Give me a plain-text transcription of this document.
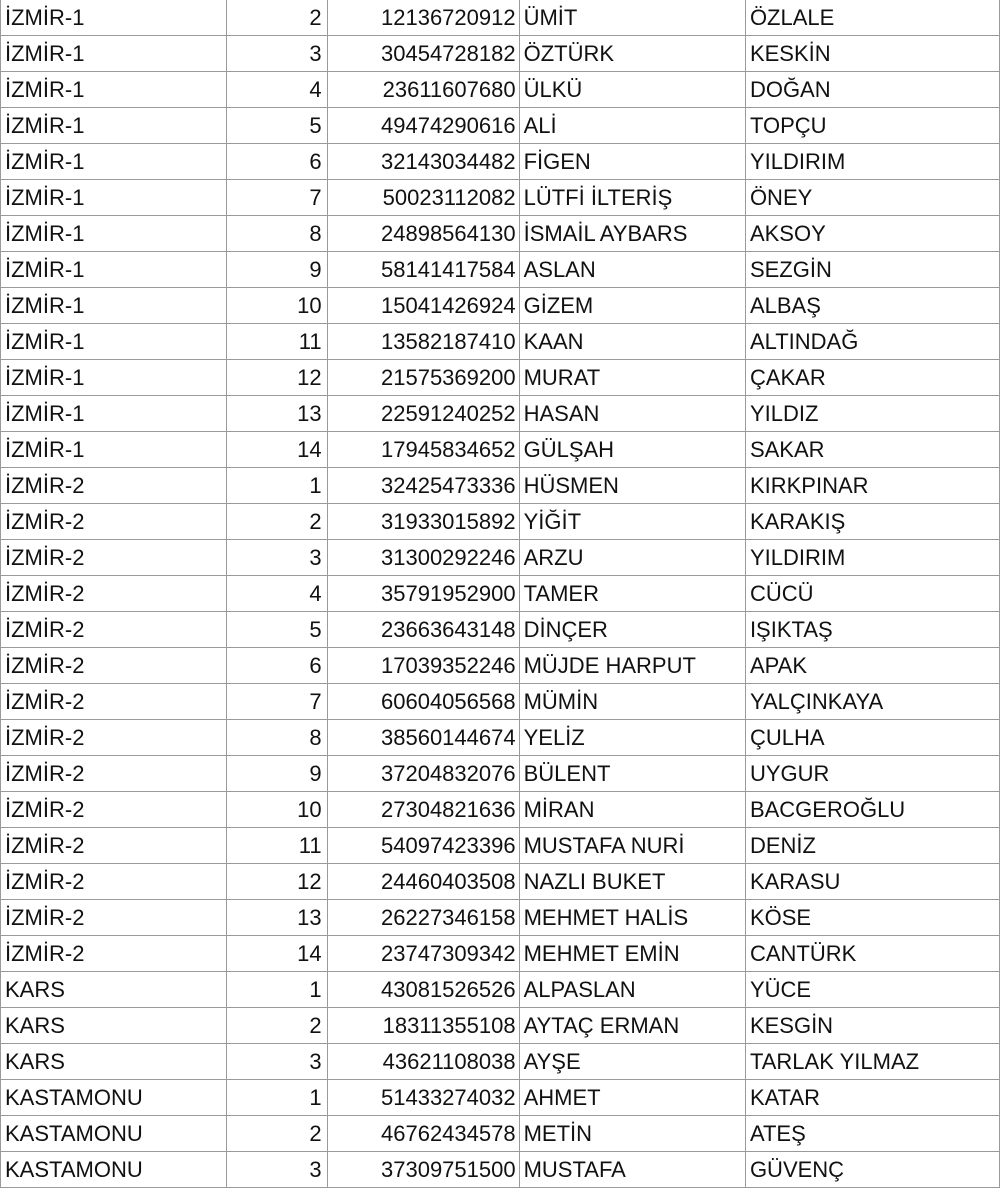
İZMİR-1	2	12136720912	ÜMİT	ÖZLALE
İZMİR-1	3	30454728182	ÖZTÜRK	KESKİN
İZMİR-1	4	23611607680	ÜLKÜ	DOĞAN
İZMİR-1	5	49474290616	ALİ	TOPÇU
İZMİR-1	6	32143034482	FİGEN	YILDIRIM
İZMİR-1	7	50023112082	LÜTFİ İLTERİŞ	ÖNEY
İZMİR-1	8	24898564130	İSMAİL AYBARS	AKSOY
İZMİR-1	9	58141417584	ASLAN	SEZGİN
İZMİR-1	10	15041426924	GİZEM	ALBAŞ
İZMİR-1	11	13582187410	KAAN	ALTINDAĞ
İZMİR-1	12	21575369200	MURAT	ÇAKAR
İZMİR-1	13	22591240252	HASAN	YILDIZ
İZMİR-1	14	17945834652	GÜLŞAH	SAKAR
İZMİR-2	1	32425473336	HÜSMEN	KIRKPINAR
İZMİR-2	2	31933015892	YİĞİT	KARAKIŞ
İZMİR-2	3	31300292246	ARZU	YILDIRIM
İZMİR-2	4	35791952900	TAMER	CÜCÜ
İZMİR-2	5	23663643148	DİNÇER	IŞIKTAŞ
İZMİR-2	6	17039352246	MÜJDE HARPUT	APAK
İZMİR-2	7	60604056568	MÜMİN	YALÇINKAYA
İZMİR-2	8	38560144674	YELİZ	ÇULHA
İZMİR-2	9	37204832076	BÜLENT	UYGUR
İZMİR-2	10	27304821636	MİRAN	BACGEROĞLU
İZMİR-2	11	54097423396	MUSTAFA NURİ	DENİZ
İZMİR-2	12	24460403508	NAZLI BUKET	KARASU
İZMİR-2	13	26227346158	MEHMET HALİS	KÖSE
İZMİR-2	14	23747309342	MEHMET EMİN	CANTÜRK
KARS	1	43081526526	ALPASLAN	YÜCE
KARS	2	18311355108	AYTAÇ ERMAN	KESGİN
KARS	3	43621108038	AYŞE	TARLAK YILMAZ
KASTAMONU	1	51433274032	AHMET	KATAR
KASTAMONU	2	46762434578	METİN	ATEŞ
KASTAMONU	3	37309751500	MUSTAFA	GÜVENÇ
